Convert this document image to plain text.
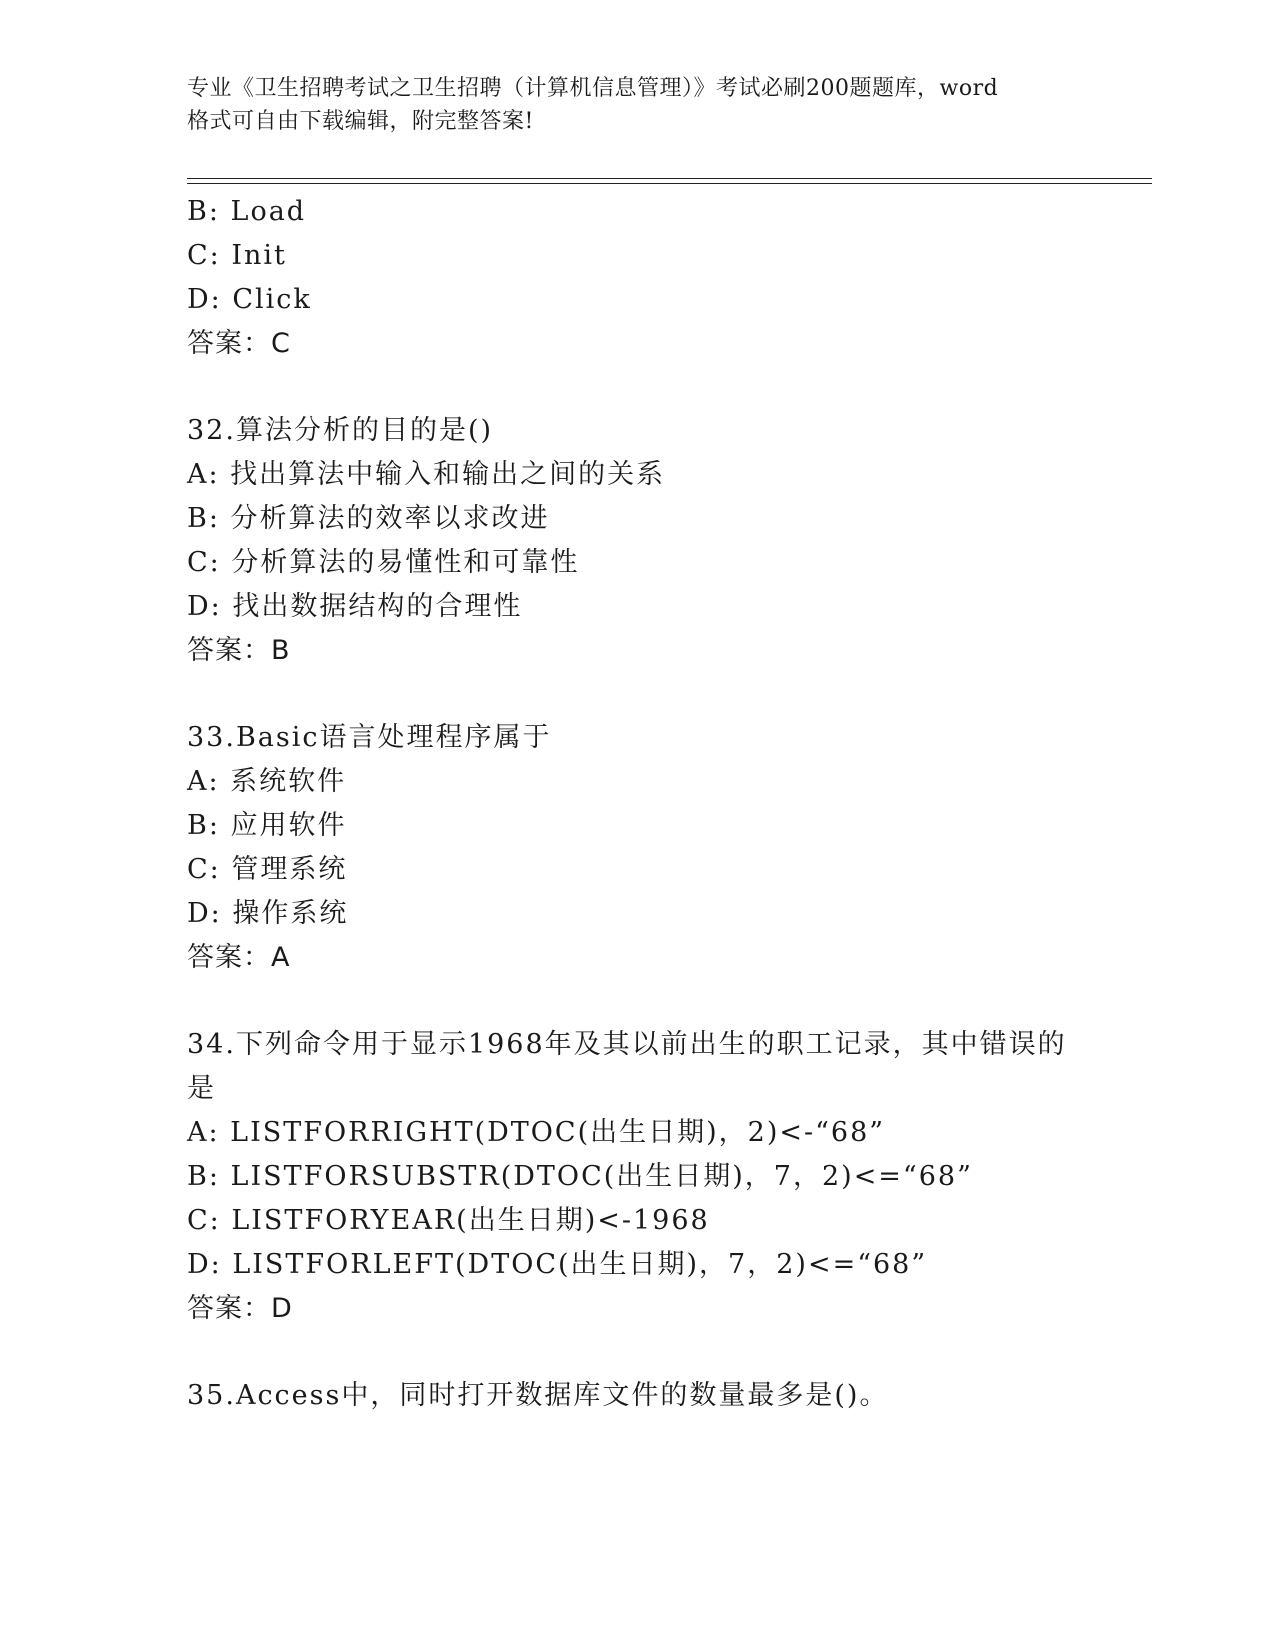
专业《卫生招聘考试之卫生招聘（计算机信息管理）》考试必刷200题题库，word
格式可自由下载编辑，附完整答案!
B: Load
C: Init
D: Click
答案：C
32.算法分析的目的是()
A: 找出算法中输入和输出之间的关系
B: 分析算法的效率以求改进
C: 分析算法的易懂性和可靠性
D: 找出数据结构的合理性
答案：B
33.Basic语言处理程序属于
A: 系统软件
B: 应用软件
C: 管理系统
D: 操作系统
答案：A
34.下列命令用于显示1968年及其以前出生的职工记录，其中错误的
是
A: LISTFORRIGHT(DTOC(出生日期)，2)<-“68”
B: LISTFORSUBSTR(DTOC(出生日期)，7，2)<=“68”
C: LISTFORYEAR(出生日期)<-1968
D: LISTFORLEFT(DTOC(出生日期)，7，2)<=“68”
答案：D
35.Access中，同时打开数据库文件的数量最多是()。
